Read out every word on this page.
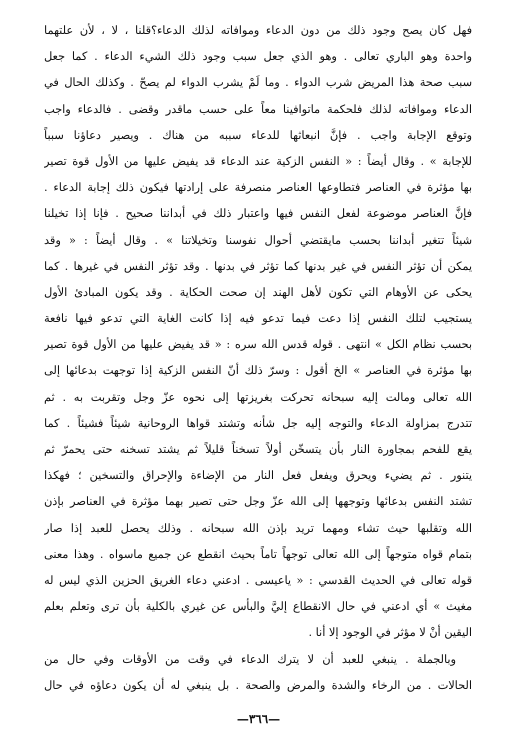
فهل كان يصح وجود ذلك من دون الدعاء وموافاته لذلك الدعاء؟قلنا ، لا ، لأن علتهما
واحدة وهو الباري تعالى . وهو الذي جعل سبب وجود ذلك الشيء الدعاء . كما جعل
سبب صحة هذا المريض شرب الدواء . وما لَمْ يشرب الدواء لم يصحّ . وكذلك الحال في
الدعاء وموافاته لذلك فلحكمة ماتوافينا معاً على حسب ماقدر وقضى . فالدعاء واجب
وتوقع الإجابة واجب . فإنَّ انبعاثها للدعاء سببه من هناك . ويصير دعاؤنا سبباً
للإجابة » . وقال أيضاً : « النفس الزكية عند الدعاء قد يفيض عليها من الأول قوة تصير
بها مؤثرة في العناصر فتطاوعها العناصر منصرفة على إرادتها فيكون ذلك إجابة الدعاء .
فإنَّ العناصر موضوعة لفعل النفس فيها واعتبار ذلك في أبداننا صحيح . فإنا إذا تخيلنا
شيئاً تتغير أبداننا بحسب مايقتضي أحوال نفوسنا وتخيلاتنا » . وقال أيضاً : « وقد
يمكن أن تؤثر النفس في غير بدنها كما تؤثر في بدنها . وقد تؤثر النفس في غيرها . كما
يحكى عن الأوهام التي تكون لأهل الهند إن صحت الحكاية . وقد يكون المبادئ الأول
يستجيب لتلك النفس إذا دعت فيما تدعو فيه إذا كانت الغاية التي تدعو فيها نافعة
بحسب نظام الكل » انتهى . قوله قدس الله سره : « قد يفيض عليها من الأول قوة تصير
بها مؤثرة في العناصر » الخ أقول : وسرّ ذلك أنّ النفس الزكية إذا توجهت بدعائها إلى
الله تعالى ومالت إليه سبحانه تحركت بغريزتها إلى نحوه عزّ وجل وتقربت به . ثم
تتدرج بمزاولة الدعاء والتوجه إليه جل شأنه وتشتد قواها الروحانية شيئاً فشيئاً . كما
يقع للفحم بمجاورة النار بأن يتسخّن أولاً تسخناً قليلاً ثم يشتد تسخنه حتى يحمرّ ثم
يتنور . ثم يضيء ويحرق ويفعل فعل النار من الإضاءة والإحراق والتسخين ؛ فهكذا
تشتد النفس بدعائها وتوجهها إلى الله عزّ وجل حتى تصير بهما مؤثرة في العناصر بإذن
الله وتقلبها حيث تشاء ومهما تريد بإذن الله سبحانه . وذلك يحصل للعبد إذا صار
بتمام قواه متوجهاً إلى الله تعالى توجهاً تاماً بحيث انقطع عن جميع ماسواه . وهذا معنى
قوله تعالى في الحديث القدسي : « ياعيسى . ادعني دعاء الغريق الحزين الذي ليس له
مغيث » أي ادعني في حال الانقطاع إليَّ والبأس عن غيري بالكلية بأن ترى وتعلم بعلم
اليقين أنْ لا مؤثر في الوجود إلا أنا .
وبالجملة . ينبغي للعبد أن لا يترك الدعاء في وقت من الأوقات وفي حال من
الحالات . من الرخاء والشدة والمرض والصحة . بل ينبغي له أن يكون دعاؤه في حال
—٣٦٦—
